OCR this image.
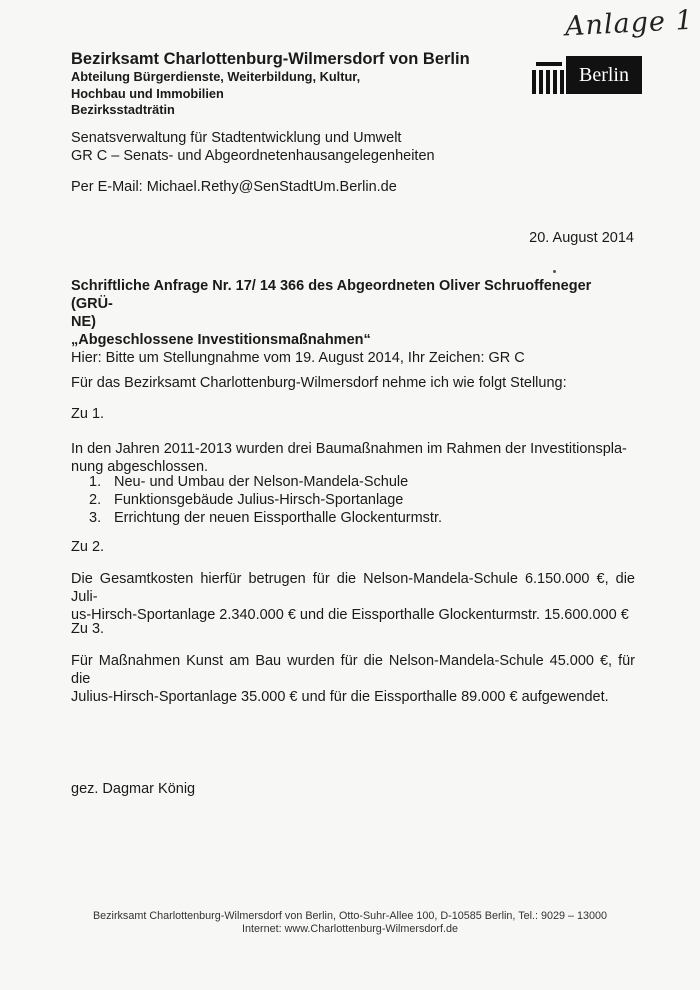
Anlage 1
Bezirksamt Charlottenburg-Wilmersdorf von Berlin
Abteilung Bürgerdienste, Weiterbildung, Kultur,
Hochbau und Immobilien
Bezirksstadträtin
Berlin
Senatsverwaltung für Stadtentwicklung und Umwelt
GR C – Senats- und Abgeordnetenhausangelegenheiten
Per E-Mail: Michael.Rethy@SenStadtUm.Berlin.de
20. August 2014
Schriftliche Anfrage Nr. 17/ 14 366 des Abgeordneten Oliver Schruoffeneger (GRÜ-
NE)
„Abgeschlossene Investitionsmaßnahmen“
Hier: Bitte um Stellungnahme vom 19. August 2014, Ihr Zeichen: GR C
Für das Bezirksamt Charlottenburg-Wilmersdorf nehme ich wie folgt Stellung:
Zu 1.
In den Jahren 2011-2013 wurden drei Baumaßnahmen im Rahmen der Investitionspla-
nung abgeschlossen.
1. Neu- und Umbau der Nelson-Mandela-Schule
2. Funktionsgebäude Julius-Hirsch-Sportanlage
3. Errichtung der neuen Eissporthalle Glockenturmstr.
Zu 2.
Die Gesamtkosten hierfür betrugen für die Nelson-Mandela-Schule 6.150.000 €, die Juli-
us-Hirsch-Sportanlage 2.340.000 € und die Eissporthalle Glockenturmstr. 15.600.000 €
Zu 3.
Für Maßnahmen Kunst am Bau wurden für die Nelson-Mandela-Schule 45.000 €, für die
Julius-Hirsch-Sportanlage 35.000 € und für die Eissporthalle 89.000 € aufgewendet.
gez. Dagmar König
Bezirksamt Charlottenburg-Wilmersdorf von Berlin, Otto-Suhr-Allee 100, D-10585 Berlin, Tel.: 9029 – 13000
Internet: www.Charlottenburg-Wilmersdorf.de
